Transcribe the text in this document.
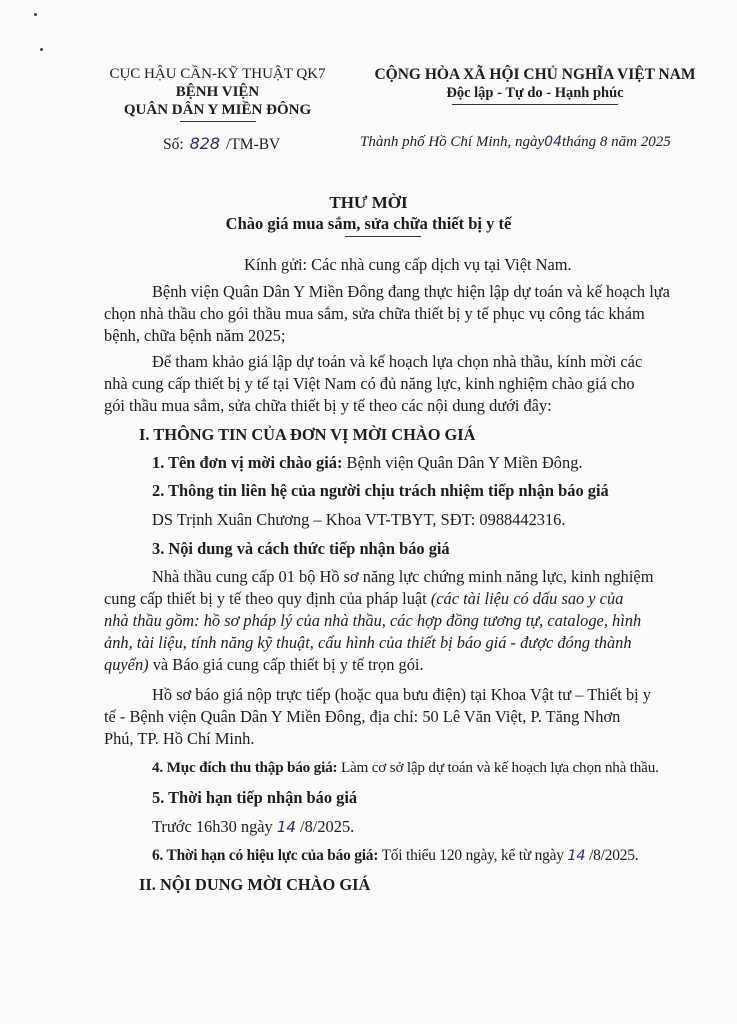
CỤC HẬU CẦN-KỸ THUẬT QK7
BỆNH VIỆN
QUÂN DÂN Y MIỀN ĐÔNG
CỘNG HÒA XÃ HỘI CHỦ NGHĨA VIỆT NAM
Độc lập - Tự do - Hạnh phúc
Số: 828 /TM-BV	Thành phố Hồ Chí Minh, ngày04tháng 8 năm 2025
THƯ MỜI
Chào giá mua sắm, sửa chữa thiết bị y tế
Kính gửi: Các nhà cung cấp dịch vụ tại Việt Nam.
Bệnh viện Quân Dân Y Miền Đông đang thực hiện lập dự toán và kế hoạch lựa
chọn nhà thầu cho gói thầu mua sắm, sửa chữa thiết bị y tế phục vụ công tác khám
bệnh, chữa bệnh năm 2025;
Để tham khảo giá lập dự toán và kế hoạch lựa chọn nhà thầu, kính mời các
nhà cung cấp thiết bị y tế tại Việt Nam có đủ năng lực, kinh nghiệm chào giá cho
gói thầu mua sắm, sửa chữa thiết bị y tế theo các nội dung dưới đây:
I. THÔNG TIN CỦA ĐƠN VỊ MỜI CHÀO GIÁ
1. Tên đơn vị mời chào giá: Bệnh viện Quân Dân Y Miền Đông.
2. Thông tin liên hệ của người chịu trách nhiệm tiếp nhận báo giá
DS Trịnh Xuân Chương – Khoa VT-TBYT, SĐT: 0988442316.
3. Nội dung và cách thức tiếp nhận báo giá
Nhà thầu cung cấp 01 bộ Hồ sơ năng lực chứng minh năng lực, kinh nghiệm
cung cấp thiết bị y tế theo quy định của pháp luật (các tài liệu có dấu sao y của
nhà thầu gồm: hồ sơ pháp lý của nhà thầu, các hợp đồng tương tự, cataloge, hình
ảnh, tài liệu, tính năng kỹ thuật, cấu hình của thiết bị báo giá - được đóng thành
quyển) và Báo giá cung cấp thiết bị y tế trọn gói.
Hồ sơ báo giá nộp trực tiếp (hoặc qua bưu điện) tại Khoa Vật tư – Thiết bị y
tế - Bệnh viện Quân Dân Y Miền Đông, địa chỉ: 50 Lê Văn Việt, P. Tăng Nhơn
Phú, TP. Hồ Chí Minh.
4. Mục đích thu thập báo giá: Làm cơ sở lập dự toán và kế hoạch lựa chọn nhà thầu.
5. Thời hạn tiếp nhận báo giá
Trước 16h30 ngày 14 /8/2025.
6. Thời hạn có hiệu lực của báo giá: Tối thiểu 120 ngày, kể từ ngày 14 /8/2025.
II. NỘI DUNG MỜI CHÀO GIÁ
